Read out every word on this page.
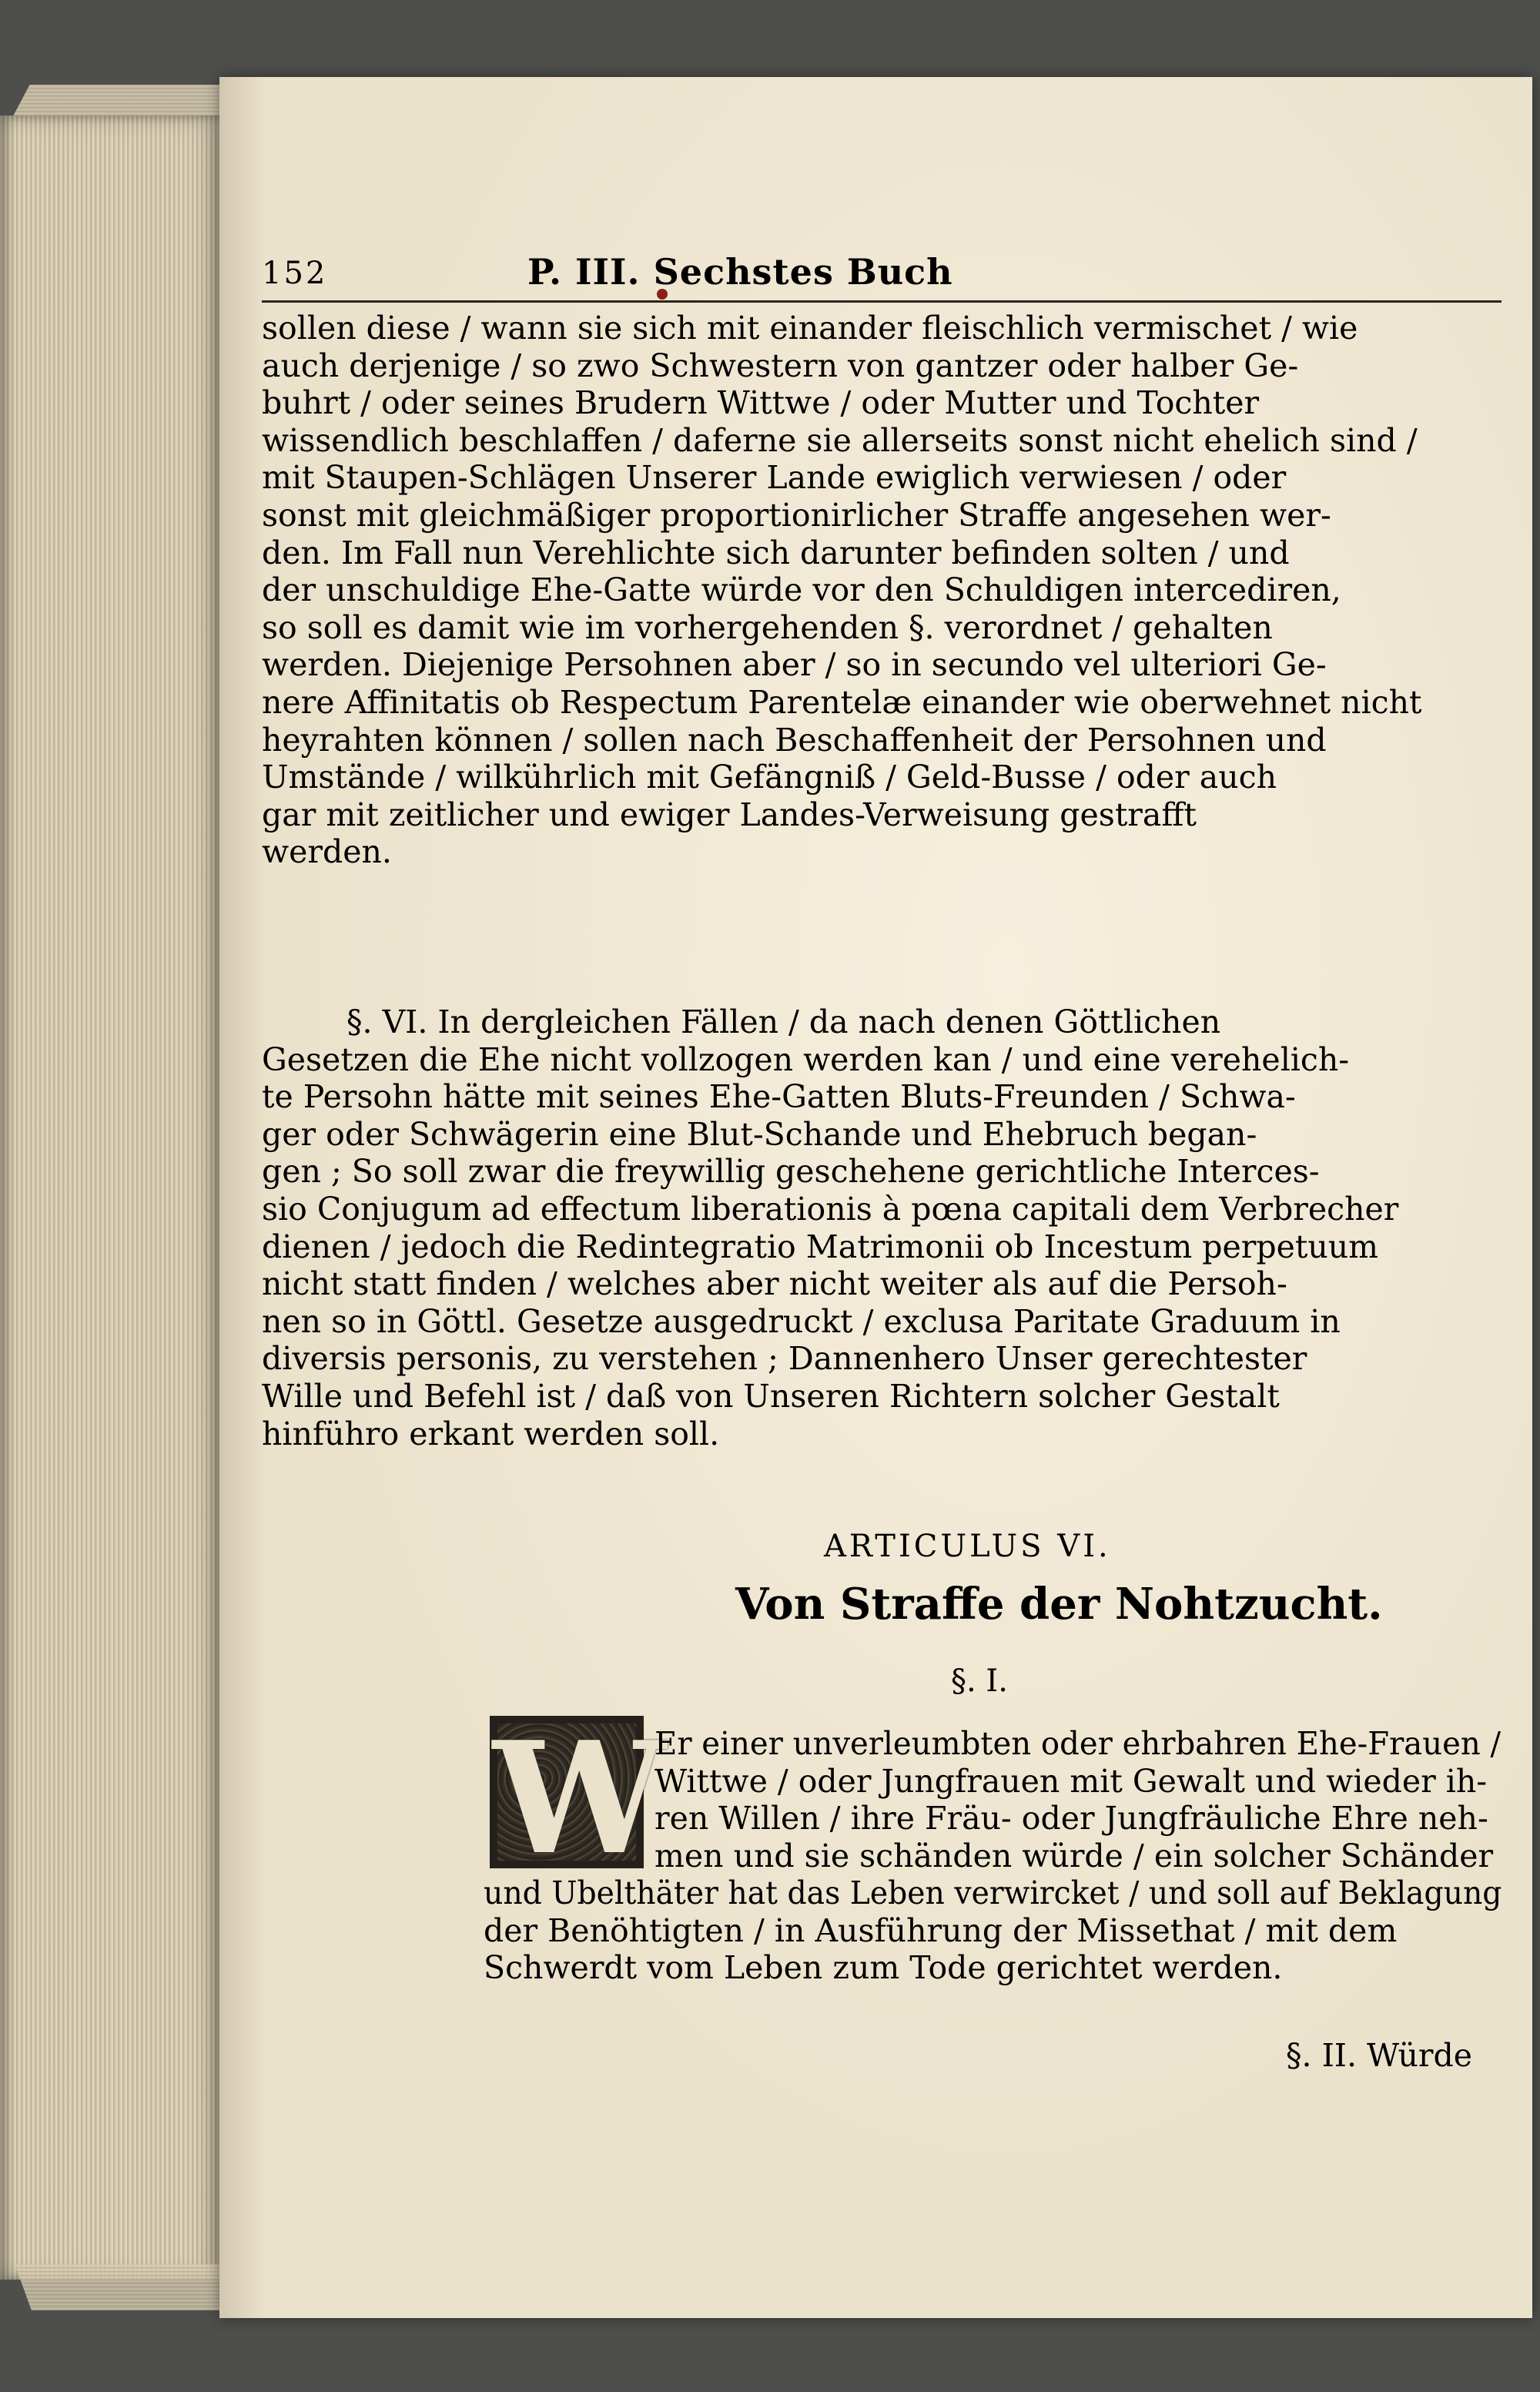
152	P. III. Sechstes Buch
sollen diese / wann sie sich mit einander fleischlich vermischet / wie
auch derjenige / so zwo Schwestern von gantzer oder halber Ge-
buhrt / oder seines Brudern Wittwe / oder Mutter und Tochter
wissendlich beschlaffen / daferne sie allerseits sonst nicht ehelich sind /
mit Staupen-Schlägen Unserer Lande ewiglich verwiesen / oder
sonst mit gleichmäßiger proportionirlicher Straffe angesehen wer-
den. Im Fall nun Verehlichte sich darunter befinden solten / und
der unschuldige Ehe-Gatte würde vor den Schuldigen intercediren,
so soll es damit wie im vorhergehenden §. verordnet / gehalten
werden. Diejenige Persohnen aber / so in secundo vel ulteriori Ge-
nere Affinitatis ob Respectum Parentelæ einander wie oberwehnet nicht
heyrahten können / sollen nach Beschaffenheit der Persohnen und
Umstände / wilkührlich mit Gefängniß / Geld-Busse / oder auch
gar mit zeitlicher und ewiger Landes-Verweisung gestrafft
werden.
§. VI. In dergleichen Fällen / da nach denen Göttlichen
Gesetzen die Ehe nicht vollzogen werden kan / und eine verehelich-
te Persohn hätte mit seines Ehe-Gatten Bluts-Freunden / Schwa-
ger oder Schwägerin eine Blut-Schande und Ehebruch began-
gen ; So soll zwar die freywillig geschehene gerichtliche Interces-
sio Conjugum ad effectum liberationis à pœna capitali dem Verbrecher
dienen / jedoch die Redintegratio Matrimonii ob Incestum perpetuum
nicht statt finden / welches aber nicht weiter als auf die Persoh-
nen so in Göttl. Gesetze ausgedruckt / exclusa Paritate Graduum in
diversis personis, zu verstehen ; Dannenhero Unser gerechtester
Wille und Befehl ist / daß von Unseren Richtern solcher Gestalt
hinführo erkant werden soll.
ARTICULUS VI.
Von Straffe der Nohtzucht.
§. I.
W
Er einer unverleumbten oder ehrbahren Ehe-Frauen /
Wittwe / oder Jungfrauen mit Gewalt und wieder ih-
ren Willen / ihre Fräu- oder Jungfräuliche Ehre neh-
men und sie schänden würde / ein solcher Schänder
und Ubelthäter hat das Leben verwircket / und soll auf Beklagung
der Benöhtigten / in Ausführung der Missethat / mit dem
Schwerdt vom Leben zum Tode gerichtet werden.
§. II. Würde
